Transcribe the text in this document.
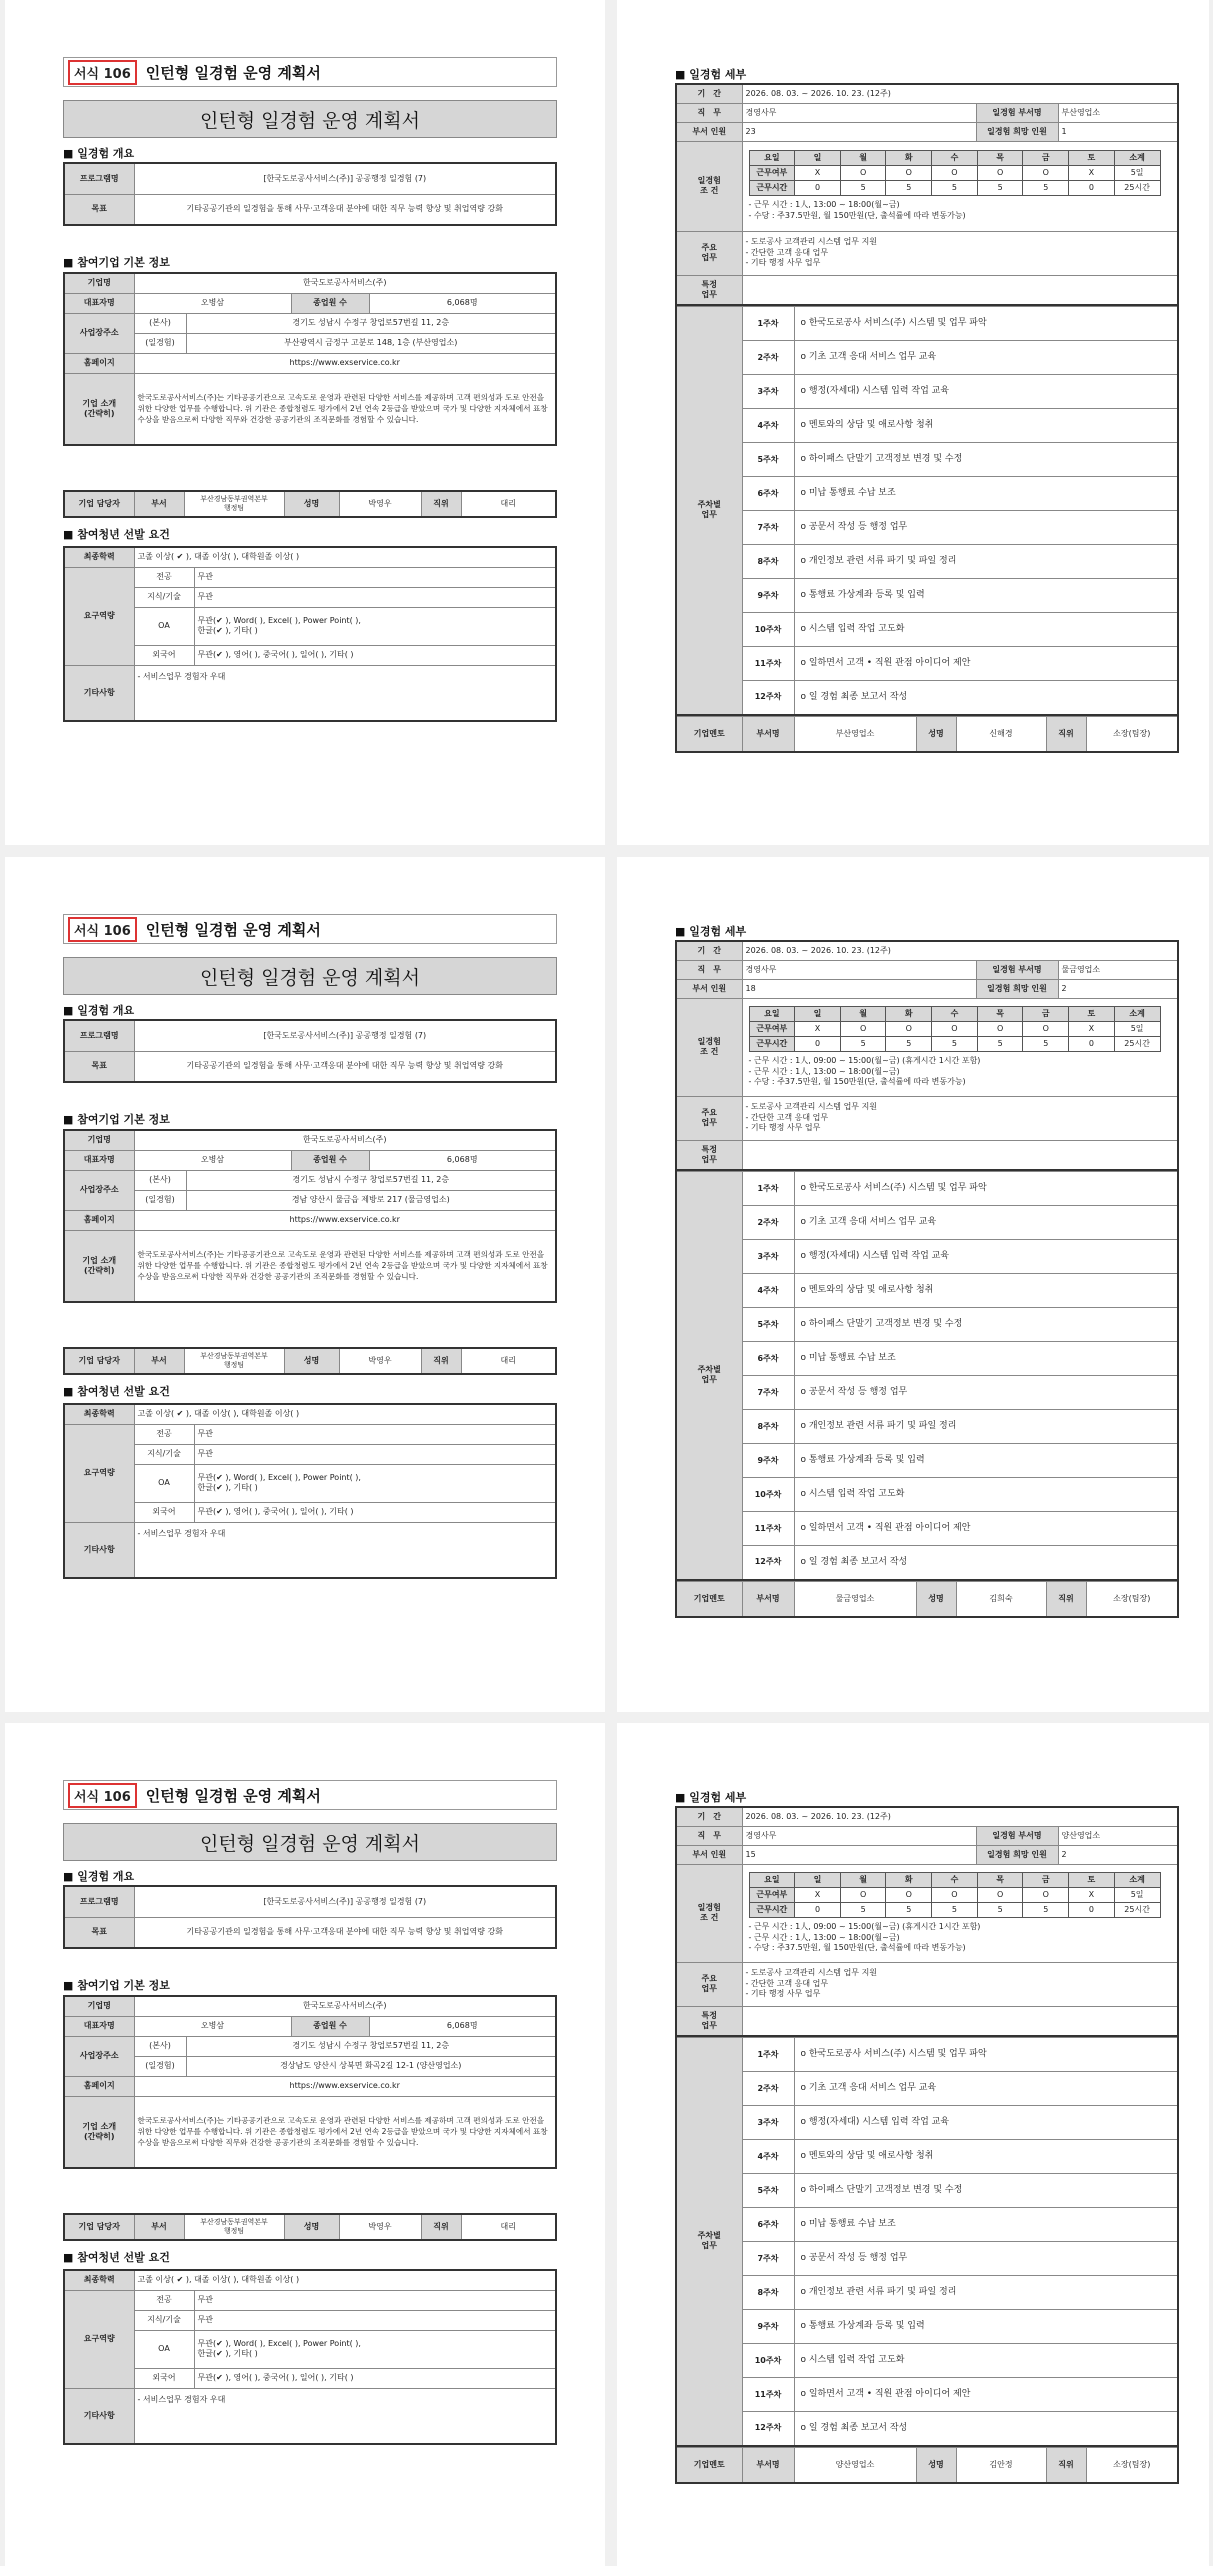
서식 106	인턴형 일경험 운영 계획서
인턴형 일경험 운영 계획서
■ 일경험 개요
프로그램명	[한국도로공사서비스(주)] 공공행정 일경험 (7)
목표	기타공공기관의 일경험을 통해 사무·고객응대 분야에 대한 직무 능력 향상 및 취업역량 강화
■ 참여기업 기본 정보
기업명	한국도로공사서비스(주)			
대표자명	오병삼		종업원 수	6,068명
사업장주소	(본사)	경기도 성남시 수정구 창업로57번길 11, 2층		
	(일경험)	부산광역시 금정구 고분로 148, 1층 (부산영업소)		
홈페이지	https://www.exservice.co.kr			
기업 소개
(간략히)	한국도로공사서비스(주)는 기타공공기관으로 고속도로 운영과 관련된 다양한 서비스를 제공하며 고객 편의성과 도로 안전을 위한 다양한 업무를 수행합니다. 위 기관은 종합청렴도 평가에서 2년 연속 2등급을 받았으며 국가 및 다양한 지자체에서 표창수상을 받음으로써 다양한 직무와 건강한 공공기관의 조직문화를 경험할 수 있습니다.			
기업 담당자	부서	부산경남동부권역본부
행정팀	성명	박영우	직위	대리
■ 참여청년 선발 요건
최종학력	고졸 이상( ✔ ), 대졸 이상( ), 대학원졸 이상( )	
요구역량	전공	무관
	지식/기술	무관
	OA	무관(✔ ), Word( ), Excel( ), Power Point( ),
한글(✔ ), 기타( )
	외국어	무관(✔ ), 영어( ), 중국어( ), 일어( ), 기타( )
기타사항	- 서비스업무 경험자 우대	
■ 일경험 세부
기　간	2026. 08. 03. ~ 2026. 10. 23. (12주)
직　무	경영사무	일경험 부서명	부산영업소
부서 인원	23	일경험 희망 인원	1
일경험
조 건	
요일	일	월	화	수	목	금	토	소계
근무여부	X	O	O	O	O	O	X	5일
근무시간	0	5	5	5	5	5	0	25시간
- 근무 시간 : 1人, 13:00 ~ 18:00(월~금)
- 수당 : 주37.5만원, 월 150만원(단, 출석률에 따라 변동가능)

주요
업무	
- 도로공사 고객관리 시스템 업무 지원
- 간단한 고객 응대 업무
- 기타 행정 사무 업무

특정
업무	
주차별
업무	1주차	o 한국도로공사 서비스(주) 시스템 및 업무 파악
	2주차	o 기초 고객 응대 서비스 업무 교육
	3주차	o 행정(자세대) 시스템 입력 작업 교육
	4주차	o 멘토와의 상담 및 애로사항 청취
	5주차	o 하이패스 단말기 고객정보 변경 및 수정
	6주차	o 미납 통행료 수납 보조
	7주차	o 공문서 작성 등 행정 업무
	8주차	o 개인정보 관련 서류 파기 및 파일 정리
	9주차	o 통행료 가상계좌 등록 및 입력
	10주차	o 시스템 입력 작업 고도화
	11주차	o 일하면서 고객 • 직원 관점 아이디어 제안
	12주차	o 일 경험 최종 보고서 작성
기업멘토	부서명	부산영업소	성명	신해경	직위	소장(팀장)
서식 106	인턴형 일경험 운영 계획서
인턴형 일경험 운영 계획서
■ 일경험 개요
프로그램명	[한국도로공사서비스(주)] 공공행정 일경험 (7)
목표	기타공공기관의 일경험을 통해 사무·고객응대 분야에 대한 직무 능력 향상 및 취업역량 강화
■ 참여기업 기본 정보
기업명	한국도로공사서비스(주)			
대표자명	오병삼		종업원 수	6,068명
사업장주소	(본사)	경기도 성남시 수정구 창업로57번길 11, 2층		
	(일경험)	경남 양산시 물금읍 제방로 217 (물금영업소)		
홈페이지	https://www.exservice.co.kr			
기업 소개
(간략히)	한국도로공사서비스(주)는 기타공공기관으로 고속도로 운영과 관련된 다양한 서비스를 제공하며 고객 편의성과 도로 안전을 위한 다양한 업무를 수행합니다. 위 기관은 종합청렴도 평가에서 2년 연속 2등급을 받았으며 국가 및 다양한 지자체에서 표창수상을 받음으로써 다양한 직무와 건강한 공공기관의 조직문화를 경험할 수 있습니다.			
기업 담당자	부서	부산경남동부권역본부
행정팀	성명	박영우	직위	대리
■ 참여청년 선발 요건
최종학력	고졸 이상( ✔ ), 대졸 이상( ), 대학원졸 이상( )	
요구역량	전공	무관
	지식/기술	무관
	OA	무관(✔ ), Word( ), Excel( ), Power Point( ),
한글(✔ ), 기타( )
	외국어	무관(✔ ), 영어( ), 중국어( ), 일어( ), 기타( )
기타사항	- 서비스업무 경험자 우대	
■ 일경험 세부
기　간	2026. 08. 03. ~ 2026. 10. 23. (12주)
직　무	경영사무	일경험 부서명	물금영업소
부서 인원	18	일경험 희망 인원	2
일경험
조 건	
요일	일	월	화	수	목	금	토	소계
근무여부	X	O	O	O	O	O	X	5일
근무시간	0	5	5	5	5	5	0	25시간
- 근무 시간 : 1人, 09:00 ~ 15:00(월~금) (휴게시간 1시간 포함)
- 근무 시간 : 1人, 13:00 ~ 18:00(월~금)
- 수당 : 주37.5만원, 월 150만원(단, 출석률에 따라 변동가능)

주요
업무	
- 도로공사 고객관리 시스템 업무 지원
- 간단한 고객 응대 업무
- 기타 행정 사무 업무

특정
업무	
주차별
업무	1주차	o 한국도로공사 서비스(주) 시스템 및 업무 파악
	2주차	o 기초 고객 응대 서비스 업무 교육
	3주차	o 행정(자세대) 시스템 입력 작업 교육
	4주차	o 멘토와의 상담 및 애로사항 청취
	5주차	o 하이패스 단말기 고객정보 변경 및 수정
	6주차	o 미납 통행료 수납 보조
	7주차	o 공문서 작성 등 행정 업무
	8주차	o 개인정보 관련 서류 파기 및 파일 정리
	9주차	o 통행료 가상계좌 등록 및 입력
	10주차	o 시스템 입력 작업 고도화
	11주차	o 일하면서 고객 • 직원 관점 아이디어 제안
	12주차	o 일 경험 최종 보고서 작성
기업멘토	부서명	물금영업소	성명	김희숙	직위	소장(팀장)
서식 106	인턴형 일경험 운영 계획서
인턴형 일경험 운영 계획서
■ 일경험 개요
프로그램명	[한국도로공사서비스(주)] 공공행정 일경험 (7)
목표	기타공공기관의 일경험을 통해 사무·고객응대 분야에 대한 직무 능력 향상 및 취업역량 강화
■ 참여기업 기본 정보
기업명	한국도로공사서비스(주)			
대표자명	오병삼		종업원 수	6,068명
사업장주소	(본사)	경기도 성남시 수정구 창업로57번길 11, 2층		
	(일경험)	경상남도 양산시 상북면 화곡2길 12-1 (양산영업소)		
홈페이지	https://www.exservice.co.kr			
기업 소개
(간략히)	한국도로공사서비스(주)는 기타공공기관으로 고속도로 운영과 관련된 다양한 서비스를 제공하며 고객 편의성과 도로 안전을 위한 다양한 업무를 수행합니다. 위 기관은 종합청렴도 평가에서 2년 연속 2등급을 받았으며 국가 및 다양한 지자체에서 표창수상을 받음으로써 다양한 직무와 건강한 공공기관의 조직문화를 경험할 수 있습니다.			
기업 담당자	부서	부산경남동부권역본부
행정팀	성명	박영우	직위	대리
■ 참여청년 선발 요건
최종학력	고졸 이상( ✔ ), 대졸 이상( ), 대학원졸 이상( )	
요구역량	전공	무관
	지식/기술	무관
	OA	무관(✔ ), Word( ), Excel( ), Power Point( ),
한글(✔ ), 기타( )
	외국어	무관(✔ ), 영어( ), 중국어( ), 일어( ), 기타( )
기타사항	- 서비스업무 경험자 우대	
■ 일경험 세부
기　간	2026. 08. 03. ~ 2026. 10. 23. (12주)
직　무	경영사무	일경험 부서명	양산영업소
부서 인원	15	일경험 희망 인원	2
일경험
조 건	
요일	일	월	화	수	목	금	토	소계
근무여부	X	O	O	O	O	O	X	5일
근무시간	0	5	5	5	5	5	0	25시간
- 근무 시간 : 1人, 09:00 ~ 15:00(월~금) (휴게시간 1시간 포함)
- 근무 시간 : 1人, 13:00 ~ 18:00(월~금)
- 수당 : 주37.5만원, 월 150만원(단, 출석률에 따라 변동가능)

주요
업무	
- 도로공사 고객관리 시스템 업무 지원
- 간단한 고객 응대 업무
- 기타 행정 사무 업무

특정
업무	
주차별
업무	1주차	o 한국도로공사 서비스(주) 시스템 및 업무 파악
	2주차	o 기초 고객 응대 서비스 업무 교육
	3주차	o 행정(자세대) 시스템 입력 작업 교육
	4주차	o 멘토와의 상담 및 애로사항 청취
	5주차	o 하이패스 단말기 고객정보 변경 및 수정
	6주차	o 미납 통행료 수납 보조
	7주차	o 공문서 작성 등 행정 업무
	8주차	o 개인정보 관련 서류 파기 및 파일 정리
	9주차	o 통행료 가상계좌 등록 및 입력
	10주차	o 시스템 입력 작업 고도화
	11주차	o 일하면서 고객 • 직원 관점 아이디어 제안
	12주차	o 일 경험 최종 보고서 작성
기업멘토	부서명	양산영업소	성명	김안정	직위	소장(팀장)
